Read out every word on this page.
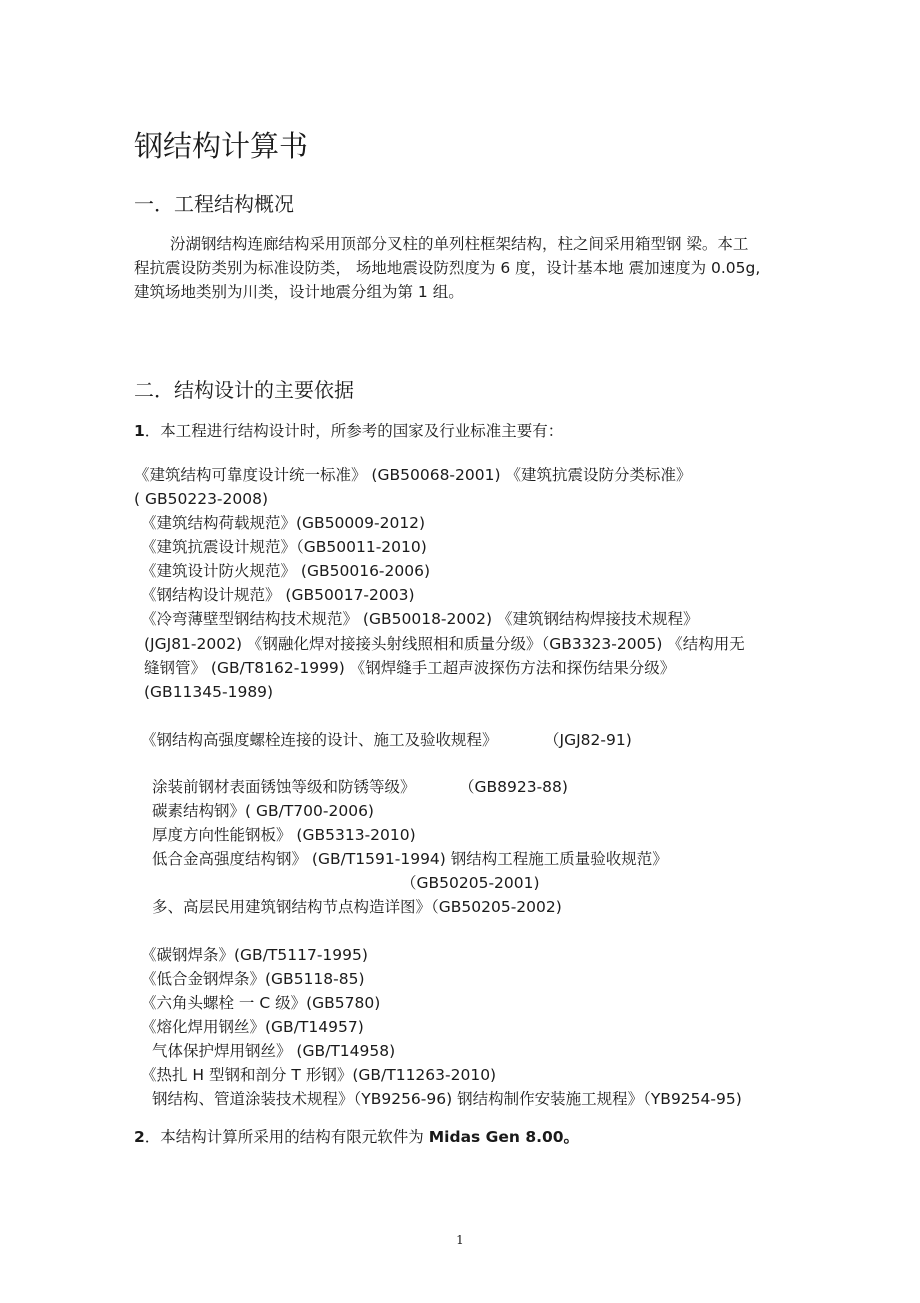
钢结构计算书
一．工程结构概况

汾湖钢结构连廊结构采用顶部分叉柱的单列柱框架结构，柱之间采用箱型钢 梁。本工

程抗震设防类别为标准设防类， 场地地震设防烈度为 6 度，设计基本地 震加速度为 0.05g,

建筑场地类别为川类，设计地震分组为第 1 组。

二．结构设计的主要依据
1．本工程进行结构设计时，所参考的国家及行业标准主要有：
《建筑结构可靠度设计统一标准》 (GB50068-2001) 《建筑抗震设防分类标准》
( GB50223-2008)
《建筑结构荷载规范》(GB50009-2012)
《建筑抗震设计规范》（GB50011-2010)
《建筑设计防火规范》 (GB50016-2006)
《钢结构设计规范》 (GB50017-2003)
《冷弯薄壁型钢结构技术规范》 (GB50018-2002) 《建筑钢结构焊接技术规程》
(JGJ81-2002) 《钢融化焊对接接头射线照相和质量分级》（GB3323-2005) 《结构用无
缝钢管》 (GB/T8162-1999) 《钢焊缝手工超声波探伤方法和探伤结果分级》
(GB11345-1989)
《钢结构高强度螺栓连接的设计、施工及验收规程》	（JGJ82-91)
涂装前钢材表面锈蚀等级和防锈等级》	（GB8923-88)
碳素结构钢》( GB/T700-2006)
厚度方向性能钢板》 (GB5313-2010)
低合金高强度结构钢》 (GB/T1591-1994) 钢结构工程施工质量验收规范》
（GB50205-2001)
多、高层民用建筑钢结构节点构造详图》（GB50205-2002)
《碳钢焊条》(GB/T5117-1995)
《低合金钢焊条》(GB5118-85)
《六角头螺栓 一 C 级》(GB5780)
《熔化焊用钢丝》(GB/T14957)
气体保护焊用钢丝》 (GB/T14958)
《热扎 H 型钢和剖分 T 形钢》(GB/T11263-2010)
钢结构、管道涂装技术规程》（YB9256-96) 钢结构制作安装施工规程》（YB9254-95)
2．本结构计算所采用的结构有限元软件为 Midas Gen 8.00。
1
